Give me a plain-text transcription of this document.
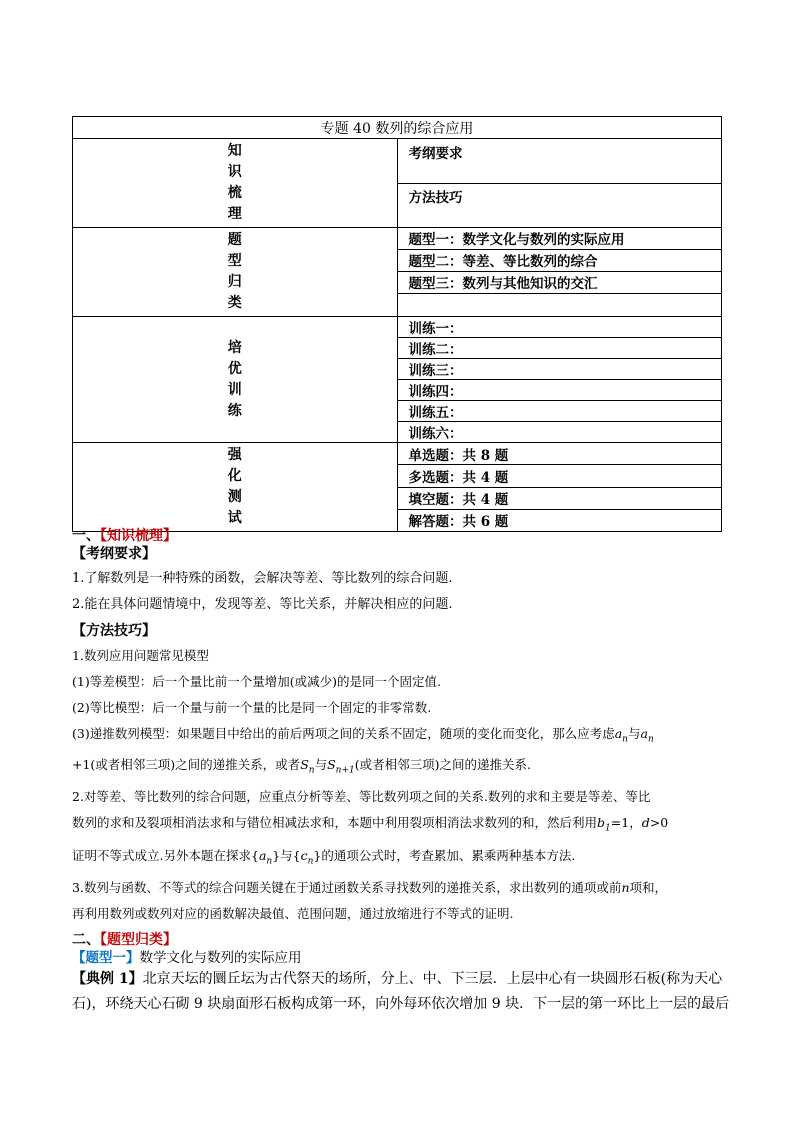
专题 40 数列的综合应用	

知
识
梳
理	考纲要求
	方法技巧

题
型
归
类	题型一：数学文化与数列的实际应用
	题型二：等差、等比数列的综合
	题型三：数列与其他知识的交汇

培
优
训
练	训练一：
	训练二：
	训练三：
	训练四：
	训练五：
	训练六：

强
化
测
试	单选题：共 8 题
	多选题：共 4 题
	填空题：共 4 题
	解答题：共 6 题
一、【知识梳理】
【考纲要求】
1.了解数列是一种特殊的函数，会解决等差、等比数列的综合问题.
2.能在具体问题情境中，发现等差、等比关系，并解决相应的问题.
【方法技巧】
1.数列应用问题常见模型
(1)等差模型：后一个量比前一个量增加(或减少)的是同一个固定值.
(2)等比模型：后一个量与前一个量的比是同一个固定的非零常数.
(3)递推数列模型：如果题目中给出的前后两项之间的关系不固定，随项的变化而变化，那么应考虑$a_n$与$a_n$
+1(或者相邻三项)之间的递推关系，或者$S_n$与$S_{n+1}$(或者相邻三项)之间的递推关系.
2.对等差、等比数列的综合问题，应重点分析等差、等比数列项之间的关系.数列的求和主要是等差、等比
数列的求和及裂项相消法求和与错位相减法求和，本题中利用裂项相消法求数列的和，然后利用$b_1=1$，d>0
证明不等式成立.另外本题在探求$\{a_n\}$与$\{c_n\}$的通项公式时，考查累加、累乘两种基本方法.
3.数列与函数、不等式的综合问题关键在于通过函数关系寻找数列的递推关系，求出数列的通项或前n项和，
再利用数列或数列对应的函数解决最值、范围问题，通过放缩进行不等式的证明.
二、【题型归类】
【题型一】数学文化与数列的实际应用
【典例 1】北京天坛的圜丘坛为古代祭天的场所，分上、中、下三层．上层中心有一块圆形石板(称为天心石)，环绕天心石砌 9 块扇面形石板构成第一环，向外每环依次增加 9 块．下一层的第一环比上一层的最后
